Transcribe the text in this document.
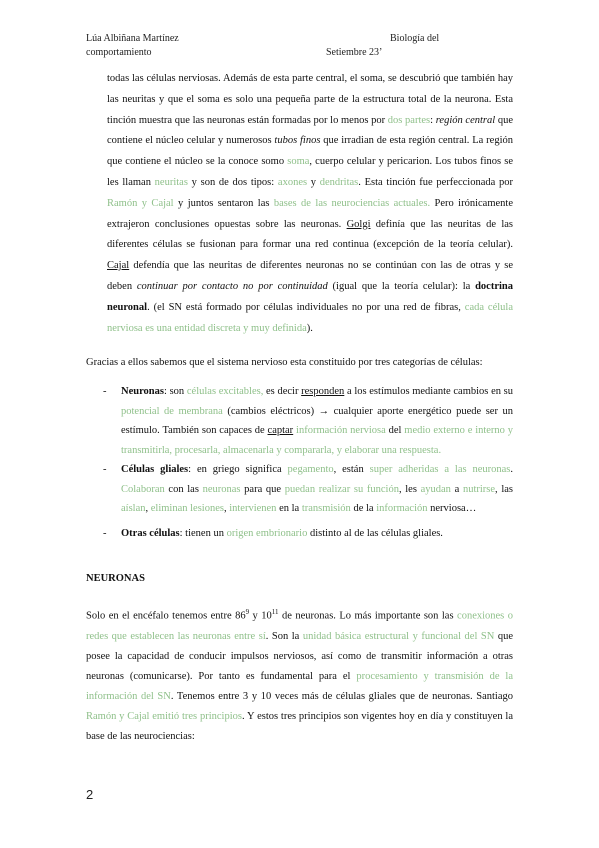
Lúa Albiñana Martínez
comportamiento
Biología del
Setiembre 23’
todas las células nerviosas. Además de esta parte central, el soma, se descubrió que también hay las neuritas y que el soma es solo una pequeña parte de la estructura total de la neurona. Esta tinción muestra que las neuronas están formadas por lo menos por dos partes: región central que contiene el núcleo celular y numerosos tubos finos que irradian de esta región central. La región que contiene el núcleo se la conoce somo soma, cuerpo celular y pericarion. Los tubos finos se les llaman neuritas y son de dos tipos: axones y dendritas. Esta tinción fue perfeccionada por Ramón y Cajal y juntos sentaron las bases de las neurociencias actuales. Pero irónicamente extrajeron conclusiones opuestas sobre las neuronas. Golgi definía que las neuritas de las diferentes células se fusionan para formar una red continua (excepción de la teoría celular). Cajal defendía que las neuritas de diferentes neuronas no se continúan con las de otras y se deben continuar por contacto no por continuidad (igual que la teoría celular): la doctrina neuronal. (el SN está formado por células individuales no por una red de fibras, cada célula nerviosa es una entidad discreta y muy definida).
Gracias a ellos sabemos que el sistema nervioso esta constituido por tres categorías de células:
- Neuronas: son células excitables, es decir responden a los estímulos mediante cambios en su potencial de membrana (cambios eléctricos) → cualquier aporte energético puede ser un estímulo. También son capaces de captar información nerviosa del medio externo e interno y transmitirla, procesarla, almacenarla y compararla, y elaborar una respuesta.
- Células gliales: en griego significa pegamento, están super adheridas a las neuronas. Colaboran con las neuronas para que puedan realizar su función, les ayudan a nutrirse, las aíslan, eliminan lesiones, intervienen en la transmisión de la información nerviosa…
- Otras células: tienen un origen embrionario distinto al de las células gliales.
NEURONAS
Solo en el encéfalo tenemos entre $86^9$ y $10^{11}$ de neuronas. Lo más importante son las conexiones o redes que establecen las neuronas entre sí. Son la unidad básica estructural y funcional del SN que posee la capacidad de conducir impulsos nerviosos, así como de transmitir información a otras neuronas (comunicarse). Por tanto es fundamental para el procesamiento y transmisión de la información del SN. Tenemos entre 3 y 10 veces más de células gliales que de neuronas. Santiago Ramón y Cajal emitió tres principios. Y estos tres principios son vigentes hoy en día y constituyen la base de las neurociencias:
2
